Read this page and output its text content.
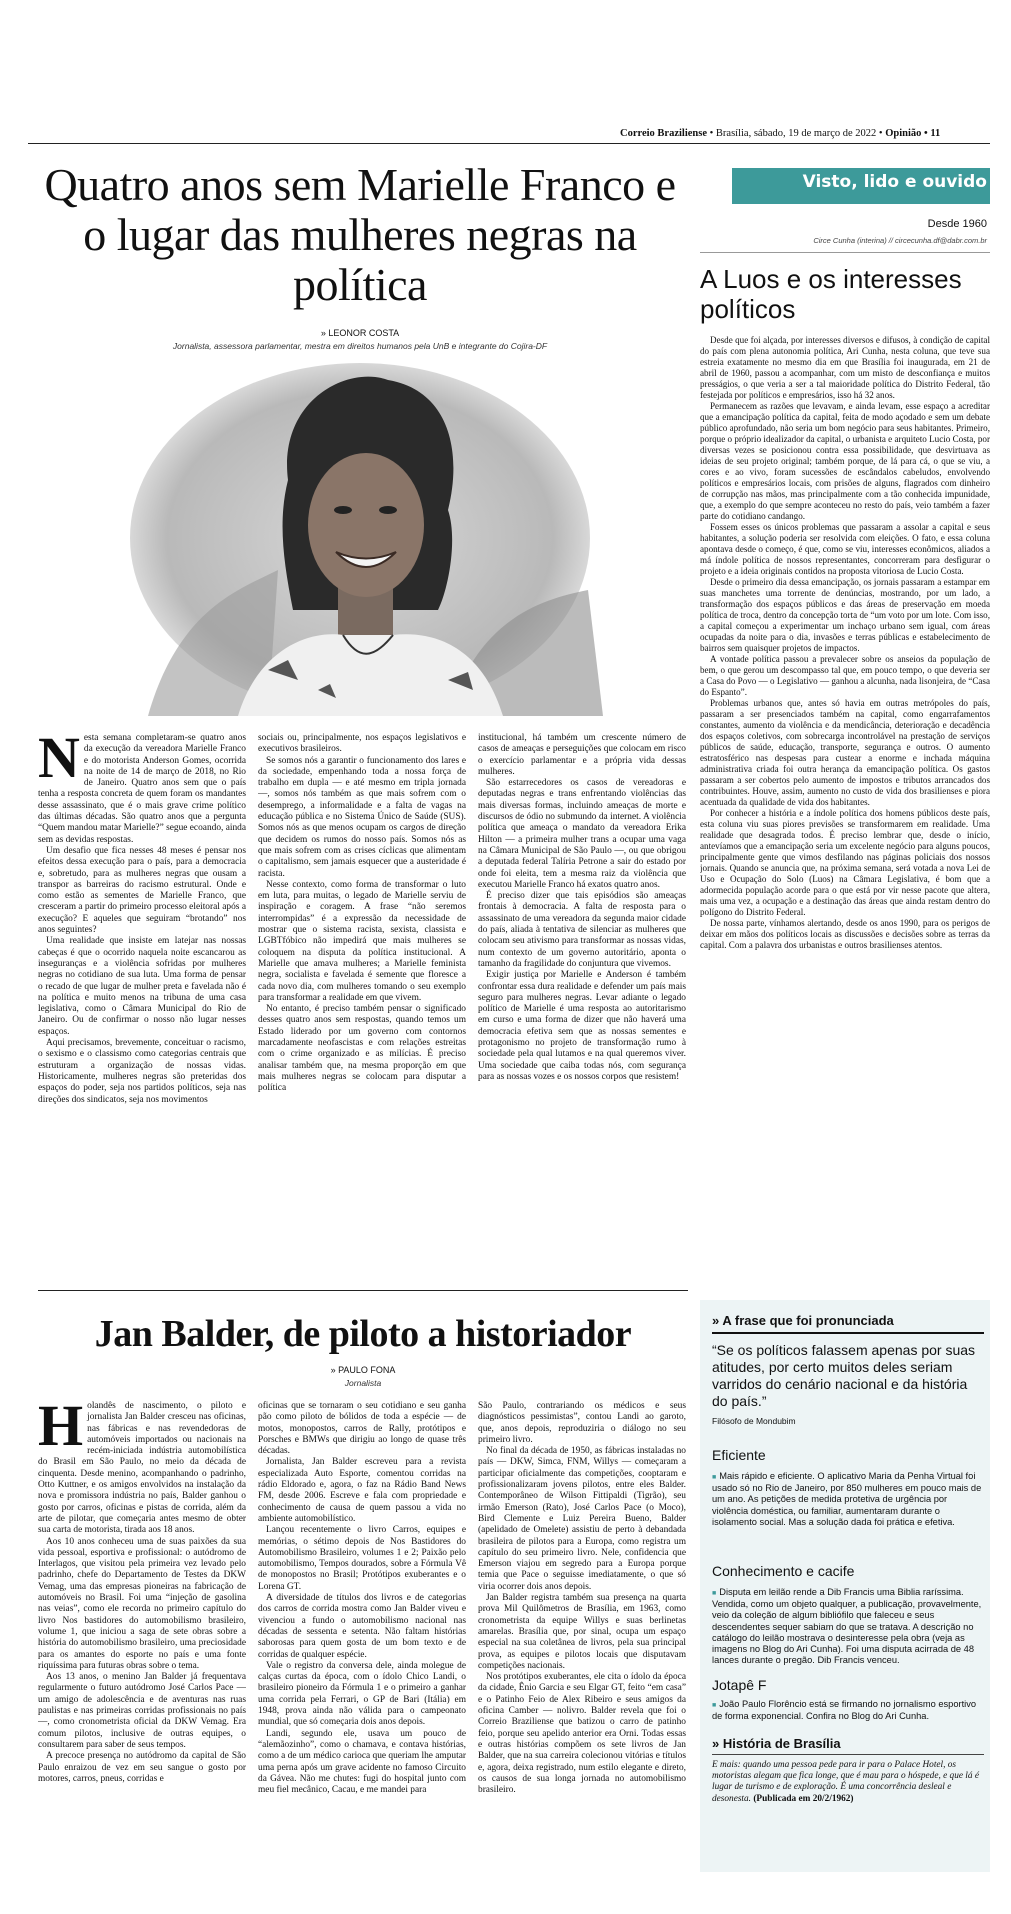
Correio Braziliense • Brasília, sábado, 19 de março de 2022 • Opinião • 11
Quatro anos sem Marielle Franco e o lugar das mulheres negras na política
» LEONOR COSTA
Jornalista, assessora parlamentar, mestra em direitos humanos pela UnB e integrante do Cojira-DF
N esta semana completaram-se quatro anos da execução da vereadora Marielle Franco e do motorista Anderson Gomes, ocorrida na noite de 14 de março de 2018, no Rio de Janeiro. Quatro anos sem que o país tenha a resposta concreta de quem foram os mandantes desse assassinato, que é o mais grave crime político das últimas décadas. São quatro anos que a pergunta “Quem mandou matar Marielle?” segue ecoando, ainda sem as devidas respostas.

Um desafio que fica nesses 48 meses é pensar nos efeitos dessa execução para o país, para a democracia e, sobretudo, para as mulheres negras que ousam a transpor as barreiras do racismo estrutural. Onde e como estão as sementes de Marielle Franco, que cresceram a partir do primeiro processo eleitoral após a execução? E aqueles que seguiram “brotando” nos anos seguintes?

Uma realidade que insiste em latejar nas nossas cabeças é que o ocorrido naquela noite escancarou as inseguranças e a violência sofridas por mulheres negras no cotidiano de sua luta. Uma forma de pensar o recado de que lugar de mulher preta e favelada não é na política e muito menos na tribuna de uma casa legislativa, como o Câmara Municipal do Rio de Janeiro. Ou de confirmar o nosso não lugar nesses espaços.

Aqui precisamos, brevemente, conceituar o racismo, o sexismo e o classismo como categorias centrais que estruturam a organização de nossas vidas. Historicamente, mulheres negras são preteridas dos espaços do poder, seja nos partidos políticos, seja nas direções dos sindicatos, seja nos movimentos

sociais ou, principalmente, nos espaços legislativos e executivos brasileiros.

Se somos nós a garantir o funcionamento dos lares e da sociedade, empenhando toda a nossa força de trabalho em dupla — e até mesmo em tripla jornada —, somos nós também as que mais sofrem com o desemprego, a informalidade e a falta de vagas na educação pública e no Sistema Único de Saúde (SUS). Somos nós as que menos ocupam os cargos de direção que decidem os rumos do nosso país. Somos nós as que mais sofrem com as crises cíclicas que alimentam o capitalismo, sem jamais esquecer que a austeridade é racista.

Nesse contexto, como forma de transformar o luto em luta, para muitas, o legado de Marielle serviu de inspiração e coragem. A frase “não seremos interrompidas” é a expressão da necessidade de mostrar que o sistema racista, sexista, classista e LGBTfóbico não impedirá que mais mulheres se coloquem na disputa da política institucional. A Marielle que amava mulheres; a Marielle feminista negra, socialista e favelada é semente que floresce a cada novo dia, com mulheres tomando o seu exemplo para transformar a realidade em que vivem.

No entanto, é preciso também pensar o significado desses quatro anos sem respostas, quando temos um Estado liderado por um governo com contornos marcadamente neofascistas e com relações estreitas com o crime organizado e as milícias. É preciso analisar também que, na mesma proporção em que mais mulheres negras se colocam para disputar a política

institucional, há também um crescente número de casos de ameaças e perseguições que colocam em risco o exercício parlamentar e a própria vida dessas mulheres.

São estarrecedores os casos de vereadoras e deputadas negras e trans enfrentando violências das mais diversas formas, incluindo ameaças de morte e discursos de ódio no submundo da internet. A violência política que ameaça o mandato da vereadora Erika Hilton — a primeira mulher trans a ocupar uma vaga na Câmara Municipal de São Paulo —, ou que obrigou a deputada federal Talíria Petrone a sair do estado por onde foi eleita, tem a mesma raiz da violência que executou Marielle Franco há exatos quatro anos.

É preciso dizer que tais episódios são ameaças frontais à democracia. A falta de resposta para o assassinato de uma vereadora da segunda maior cidade do país, aliada à tentativa de silenciar as mulheres que colocam seu ativismo para transformar as nossas vidas, num contexto de um governo autoritário, aponta o tamanho da fragilidade do conjuntura que vivemos.

Exigir justiça por Marielle e Anderson é também confrontar essa dura realidade e defender um país mais seguro para mulheres negras. Levar adiante o legado político de Marielle é uma resposta ao autoritarismo em curso e uma forma de dizer que não haverá uma democracia efetiva sem que as nossas sementes e protagonismo no projeto de transformação rumo à sociedade pela qual lutamos e na qual queremos viver. Uma sociedade que caiba todas nós, com segurança para as nossas vozes e os nossos corpos que resistem!

Jan Balder, de piloto a historiador
» PAULO FONA
Jornalista
H olandês de nascimento, o piloto e jornalista Jan Balder cresceu nas oficinas, nas fábricas e nas revendedoras de automóveis importados ou nacionais na recém-iniciada indústria automobilística do Brasil em São Paulo, no meio da década de cinquenta. Desde menino, acompanhando o padrinho, Otto Kuttner, e os amigos envolvidos na instalação da nova e promissora indústria no país, Balder ganhou o gosto por carros, oficinas e pistas de corrida, além da arte de pilotar, que começaria antes mesmo de obter sua carta de motorista, tirada aos 18 anos.

Aos 10 anos conheceu uma de suas paixões da sua vida pessoal, esportiva e profissional: o autódromo de Interlagos, que visitou pela primeira vez levado pelo padrinho, chefe do Departamento de Testes da DKW Vemag, uma das empresas pioneiras na fabricação de automóveis no Brasil. Foi uma “injeção de gasolina nas veias”, como ele recorda no primeiro capítulo do livro Nos bastidores do automobilismo brasileiro, volume 1, que iniciou a saga de sete obras sobre a história do automobilismo brasileiro, uma preciosidade para os amantes do esporte no país e uma fonte riquíssima para futuras obras sobre o tema.

Aos 13 anos, o menino Jan Balder já frequentava regularmente o futuro autódromo José Carlos Pace — um amigo de adolescência e de aventuras nas ruas paulistas e nas primeiras corridas profissionais no país —, como cronometrista oficial da DKW Vemag. Era comum pilotos, inclusive de outras equipes, o consultarem para saber de seus tempos.

A precoce presença no autódromo da capital de São Paulo enraizou de vez em seu sangue o gosto por motores, carros, pneus, corridas e

oficinas que se tornaram o seu cotidiano e seu ganha pão como piloto de bólidos de toda a espécie — de motos, monopostos, carros de Rally, protótipos e Porsches e BMWs que dirigiu ao longo de quase três décadas.

Jornalista, Jan Balder escreveu para a revista especializada Auto Esporte, comentou corridas na rádio Eldorado e, agora, o faz na Rádio Band News FM, desde 2006. Escreve e fala com propriedade e conhecimento de causa de quem passou a vida no ambiente automobilístico.

Lançou recentemente o livro Carros, equipes e memórias, o sétimo depois de Nos Bastidores do Automobilismo Brasileiro, volumes 1 e 2; Paixão pelo automobilismo, Tempos dourados, sobre a Fórmula Vê de monopostos no Brasil; Protótipos exuberantes e o Lorena GT.

A diversidade de títulos dos livros e de categorias dos carros de corrida mostra como Jan Balder viveu e vivenciou a fundo o automobilismo nacional nas décadas de sessenta e setenta. Não faltam histórias saborosas para quem gosta de um bom texto e de corridas de qualquer espécie.

Vale o registro da conversa dele, ainda molegue de calças curtas da época, com o ídolo Chico Landi, o brasileiro pioneiro da Fórmula 1 e o primeiro a ganhar uma corrida pela Ferrari, o GP de Bari (Itália) em 1948, prova ainda não válida para o campeonato mundial, que só começaria dois anos depois.

Landi, segundo ele, usava um pouco de “alemãozinho”, como o chamava, e contava histórias, como a de um médico carioca que queriam lhe amputar uma perna após um grave acidente no famoso Circuito da Gávea. Não me chutes: fugi do hospital junto com meu fiel mecânico, Cacau, e me mandei para

São Paulo, contrariando os médicos e seus diagnósticos pessimistas”, contou Landi ao garoto, que, anos depois, reproduziria o diálogo no seu primeiro livro.

No final da década de 1950, as fábricas instaladas no país — DKW, Simca, FNM, Willys — começaram a participar oficialmente das competições, cooptaram e profissionalizaram jovens pilotos, entre eles Balder. Contemporâneo de Wilson Fittipaldi (Tigrão), seu irmão Emerson (Rato), José Carlos Pace (o Moco), Bird Clemente e Luiz Pereira Bueno, Balder (apelidado de Omelete) assistiu de perto à debandada brasileira de pilotos para a Europa, como registra um capítulo do seu primeiro livro. Nele, confidencia que Emerson viajou em segredo para a Europa porque temia que Pace o seguisse imediatamente, o que só viria ocorrer dois anos depois.

Jan Balder registra também sua presença na quarta prova Mil Quilômetros de Brasília, em 1963, como cronometrista da equipe Willys e suas berlinetas amarelas. Brasília que, por sinal, ocupa um espaço especial na sua coletânea de livros, pela sua principal prova, as equipes e pilotos locais que disputavam competições nacionais.

Nos protótipos exuberantes, ele cita o ídolo da época da cidade, Ênio Garcia e seu Elgar GT, feito “em casa” e o Patinho Feio de Alex Ribeiro e seus amigos da oficina Camber — nolivro. Balder revela que foi o Correio Braziliense que batizou o carro de patinho feio, porque seu apelido anterior era Orni. Todas essas e outras histórias compõem os sete livros de Jan Balder, que na sua carreira colecionou vitórias e títulos e, agora, deixa registrado, num estilo elegante e direto, os causos de sua longa jornada no automobilismo brasileiro.

Visto, lido e ouvido
Desde 1960
Circe Cunha (interina) // circecunha.df@dabr.com.br
A Luos e os interesses políticos

Desde que foi alçada, por interesses diversos e difusos, à condição de capital do país com plena autonomia política, Ari Cunha, nesta coluna, que teve sua estreia exatamente no mesmo dia em que Brasília foi inaugurada, em 21 de abril de 1960, passou a acompanhar, com um misto de desconfiança e muitos presságios, o que veria a ser a tal maioridade política do Distrito Federal, tão festejada por políticos e empresários, isso há 32 anos.

Permanecem as razões que levavam, e ainda levam, esse espaço a acreditar que a emancipação política da capital, feita de modo açodado e sem um debate público aprofundado, não seria um bom negócio para seus habitantes. Primeiro, porque o próprio idealizador da capital, o urbanista e arquiteto Lucio Costa, por diversas vezes se posicionou contra essa possibilidade, que desvirtuava as ideias de seu projeto original; também porque, de lá para cá, o que se viu, a cores e ao vivo, foram sucessões de escândalos cabeludos, envolvendo políticos e empresários locais, com prisões de alguns, flagrados com dinheiro de corrupção nas mãos, mas principalmente com a tão conhecida impunidade, que, a exemplo do que sempre aconteceu no resto do país, veio também a fazer parte do cotidiano candango.

Fossem esses os únicos problemas que passaram a assolar a capital e seus habitantes, a solução poderia ser resolvida com eleições. O fato, e essa coluna apontava desde o começo, é que, como se viu, interesses econômicos, aliados a má índole política de nossos representantes, concorreram para desfigurar o projeto e a ideia originais contidos na proposta vitoriosa de Lucio Costa.

Desde o primeiro dia dessa emancipação, os jornais passaram a estampar em suas manchetes uma torrente de denúncias, mostrando, por um lado, a transformação dos espaços públicos e das áreas de preservação em moeda política de troca, dentro da concepção torta de “um voto por um lote. Com isso, a capital começou a experimentar um inchaço urbano sem igual, com áreas ocupadas da noite para o dia, invasões e terras públicas e estabelecimento de bairros sem quaisquer projetos de impactos.

A vontade política passou a prevalecer sobre os anseios da população de bem, o que gerou um descompasso tal que, em pouco tempo, o que deveria ser a Casa do Povo — o Legislativo — ganhou a alcunha, nada lisonjeira, de “Casa do Espanto”.

Problemas urbanos que, antes só havia em outras metrópoles do país, passaram a ser presenciados também na capital, como engarrafamentos constantes, aumento da violência e da mendicância, deterioração e decadência dos espaços coletivos, com sobrecarga incontrolável na prestação de serviços públicos de saúde, educação, transporte, segurança e outros. O aumento estratosférico nas despesas para custear a enorme e inchada máquina administrativa criada foi outra herança da emancipação política. Os gastos passaram a ser cobertos pelo aumento de impostos e tributos arrancados dos contribuintes. Houve, assim, aumento no custo de vida dos brasilienses e piora acentuada da qualidade de vida dos habitantes.

Por conhecer a história e a índole política dos homens públicos deste país, esta coluna viu suas piores previsões se transformarem em realidade. Uma realidade que desagrada todos. É preciso lembrar que, desde o início, antevíamos que a emancipação seria um excelente negócio para alguns poucos, principalmente gente que vimos desfilando nas páginas policiais dos nossos jornais. Quando se anuncia que, na próxima semana, será votada a nova Lei de Uso e Ocupação do Solo (Luos) na Câmara Legislativa, é bom que a adormecida população acorde para o que está por vir nesse pacote que altera, mais uma vez, a ocupação e a destinação das áreas que ainda restam dentro do polígono do Distrito Federal.

De nossa parte, vínhamos alertando, desde os anos 1990, para os perigos de deixar em mãos dos políticos locais as discussões e decisões sobre as terras da capital. Com a palavra dos urbanistas e outros brasilienses atentos.

» A frase que foi pronunciada
“Se os políticos falassem apenas por suas atitudes, por certo muitos deles seriam varridos do cenário nacional e da história do país.”
Filósofo de Mondubim
Eficiente
■ Mais rápido e eficiente. O aplicativo Maria da Penha Virtual foi usado só no Rio de Janeiro, por 850 mulheres em pouco mais de um ano. As petições de medida protetiva de urgência por violência doméstica, ou familiar, aumentaram durante o isolamento social. Mas a solução dada foi prática e efetiva.
Conhecimento e cacife
■ Disputa em leilão rende a Dib Francis uma Biblia raríssima. Vendida, como um objeto qualquer, a publicação, provavelmente, veio da coleção de algum bibliófilo que faleceu e seus descendentes sequer sabiam do que se tratava. A descrição no catálogo do leilão mostrava o desinteresse pela obra (veja as imagens no Blog do Ari Cunha). Foi uma disputa acirrada de 48 lances durante o pregão. Dib Francis venceu.
Jotapê F
■ João Paulo Florêncio está se firmando no jornalismo esportivo de forma exponencial. Confira no Blog do Ari Cunha.
» História de Brasília
E mais: quando uma pessoa pede para ir para o Palace Hotel, os motoristas alegam que fica longe, que é mau para o hóspede, e que lá é lugar de turismo e de exploração. É uma concorrência desleal e desonesta. (Publicada em 20/2/1962)
